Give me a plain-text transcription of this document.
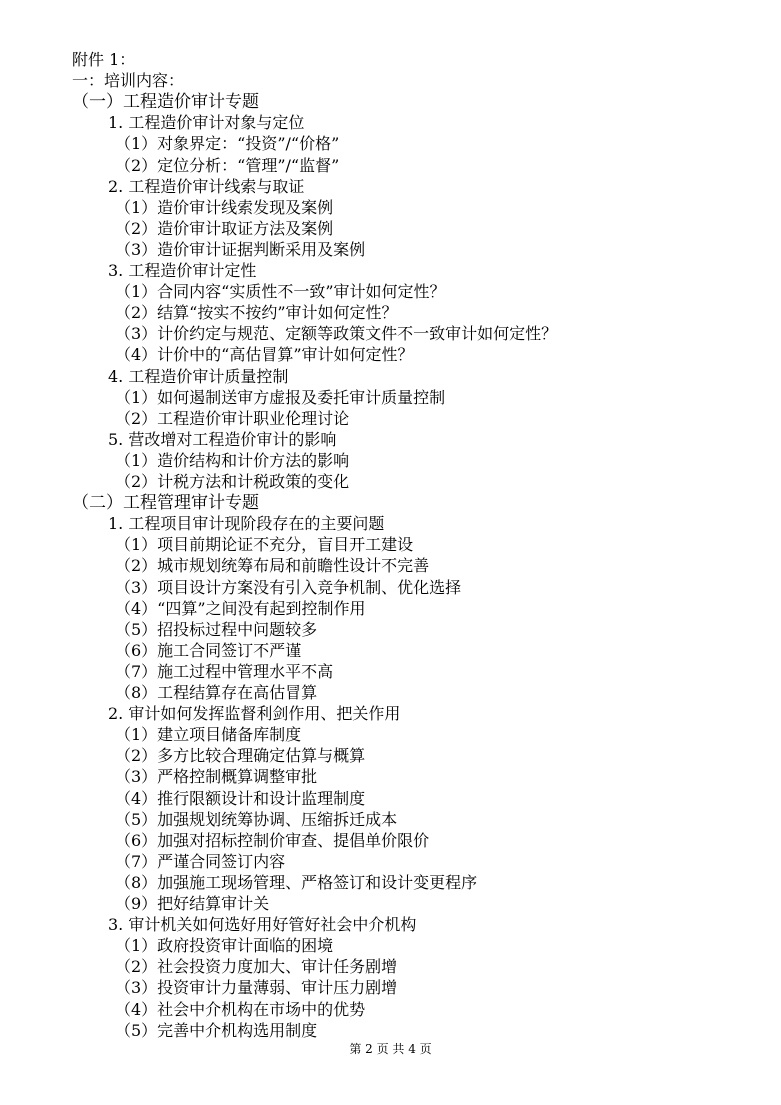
附件 1：
一：培训内容：
（一）工程造价审计专题
1. 工程造价审计对象与定位
（1）对象界定：“投资”/“价格”
（2）定位分析：“管理”/“监督”
2. 工程造价审计线索与取证
（1）造价审计线索发现及案例
（2）造价审计取证方法及案例
（3）造价审计证据判断采用及案例
3. 工程造价审计定性
（1）合同内容“实质性不一致”审计如何定性？
（2）结算“按实不按约”审计如何定性？
（3）计价约定与规范、定额等政策文件不一致审计如何定性？
（4）计价中的“高估冒算”审计如何定性？
4. 工程造价审计质量控制
（1）如何遏制送审方虚报及委托审计质量控制
（2）工程造价审计职业伦理讨论
5. 营改增对工程造价审计的影响
（1）造价结构和计价方法的影响
（2）计税方法和计税政策的变化
（二）工程管理审计专题
1. 工程项目审计现阶段存在的主要问题
（1）项目前期论证不充分，盲目开工建设
（2）城市规划统筹布局和前瞻性设计不完善
（3）项目设计方案没有引入竞争机制、优化选择
（4）“四算”之间没有起到控制作用
（5）招投标过程中问题较多
（6）施工合同签订不严谨
（7）施工过程中管理水平不高
（8）工程结算存在高估冒算
2. 审计如何发挥监督利剑作用、把关作用
（1）建立项目储备库制度
（2）多方比较合理确定估算与概算
（3）严格控制概算调整审批
（4）推行限额设计和设计监理制度
（5）加强规划统筹协调、压缩拆迁成本
（6）加强对招标控制价审查、提倡单价限价
（7）严谨合同签订内容
（8）加强施工现场管理、严格签订和设计变更程序
（9）把好结算审计关
3. 审计机关如何选好用好管好社会中介机构
（1）政府投资审计面临的困境
（2）社会投资力度加大、审计任务剧增
（3）投资审计力量薄弱、审计压力剧增
（4）社会中介机构在市场中的优势
（5）完善中介机构选用制度
第 2 页 共 4 页
